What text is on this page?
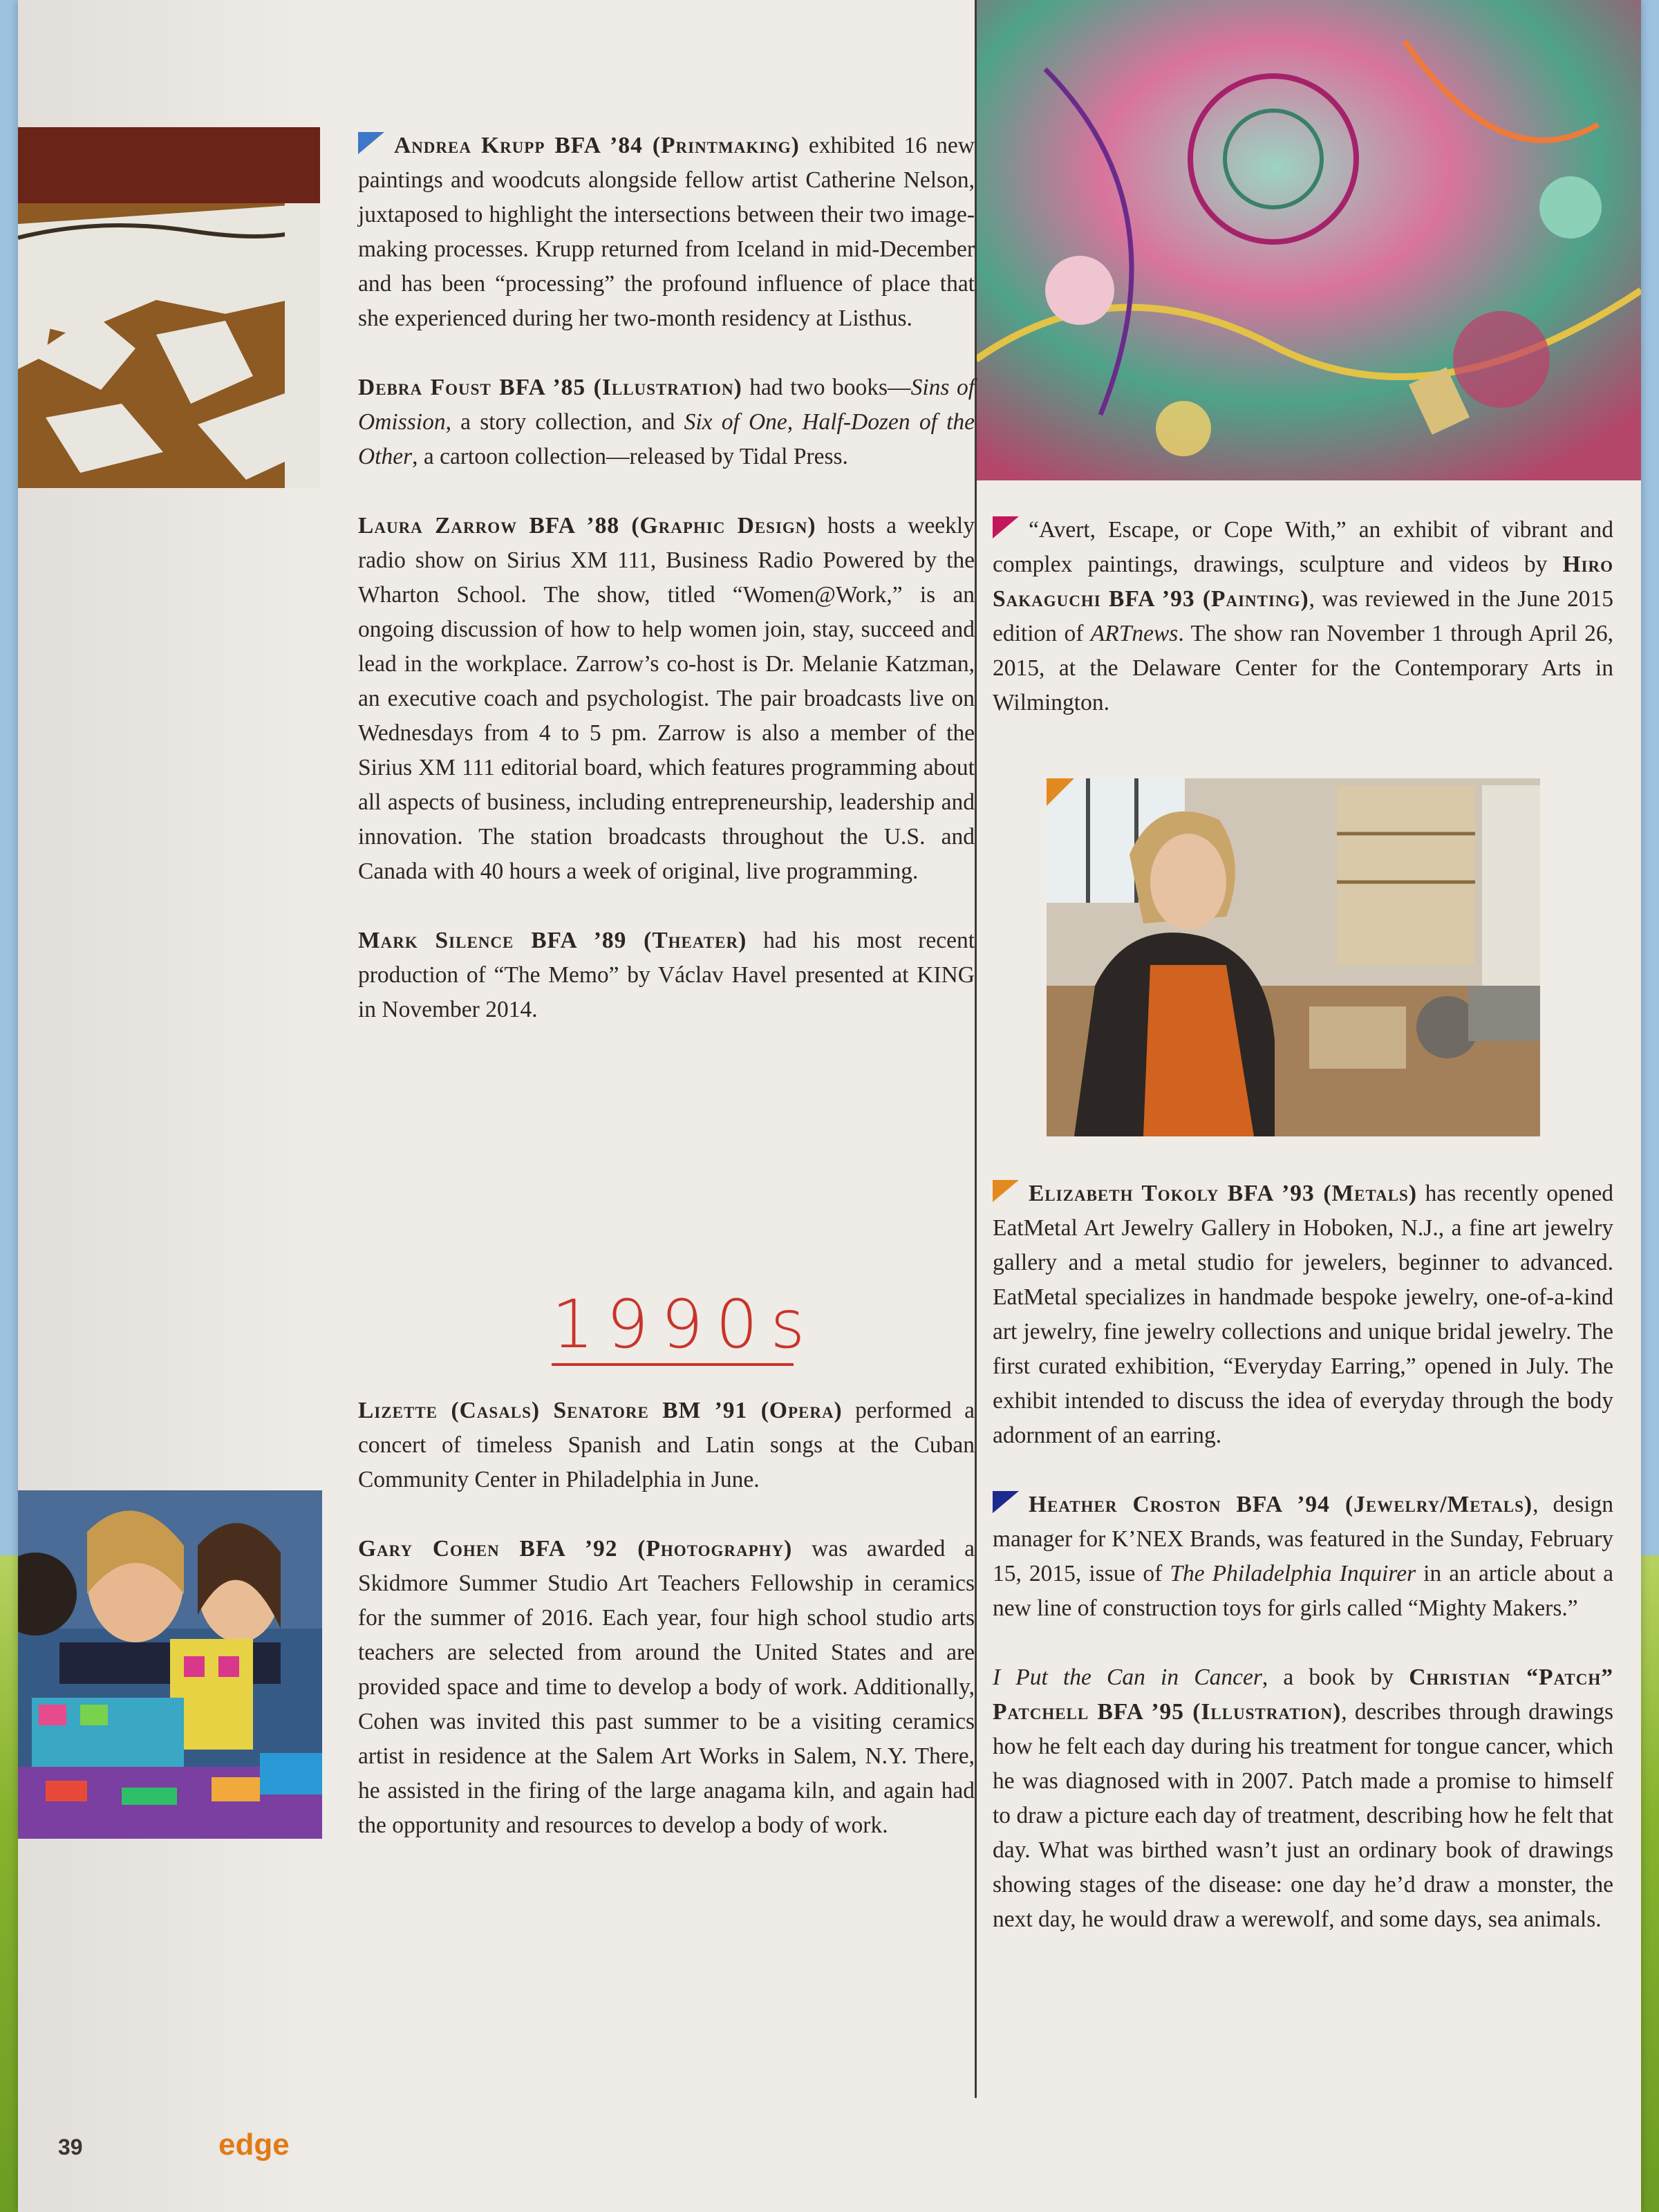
Andrea Krupp BFA ’84 (Printmaking) exhibited 16 new paintings and woodcuts alongside fellow artist Catherine Nelson, juxtaposed to highlight the intersections between their two image-making processes. Krupp returned from Iceland in mid-December and has been “processing” the profound influence of place that she experienced during her two-month residency at Listhus.

Debra Foust BFA ’85 (Illustration) had two books—Sins of Omission, a story collection, and Six of One, Half-Dozen of the Other, a cartoon collection—released by Tidal Press.

Laura Zarrow BFA ’88 (Graphic Design) hosts a weekly radio show on Sirius XM 111, Business Radio Powered by the Wharton School. The show, titled “Women@Work,” is an ongoing discussion of how to help women join, stay, succeed and lead in the workplace. Zarrow’s co-host is Dr. Melanie Katzman, an executive coach and psychologist. The pair broadcasts live on Wednesdays from 4 to 5 pm. Zarrow is also a member of the Sirius XM 111 editorial board, which features programming about all aspects of business, including entrepreneurship, leadership and innovation. The station broadcasts throughout the U.S. and Canada with 40 hours a week of original, live programming.

Mark Silence BFA ’89 (Theater) had his most recent production of “The Memo” by Václav Havel presented at KING in November 2014.

1990s

Lizette (Casals) Senatore BM ’91 (Opera) performed a concert of timeless Spanish and Latin songs at the Cuban Community Center in Philadelphia in June.

Gary Cohen BFA ’92 (Photography) was awarded a Skidmore Summer Studio Art Teachers Fellowship in ceramics for the summer of 2016. Each year, four high school studio arts teachers are selected from around the United States and are provided space and time to develop a body of work. Additionally, Cohen was invited this past summer to be a visiting ceramics artist in residence at the Salem Art Works in Salem, N.Y. There, he assisted in the firing of the large anagama kiln, and again had the opportunity and resources to develop a body of work.

“Avert, Escape, or Cope With,” an exhibit of vibrant and complex paintings, drawings, sculpture and videos by Hiro Sakaguchi BFA ’93 (Painting), was reviewed in the June 2015 edition of ARTnews. The show ran November 1 through April 26, 2015, at the Delaware Center for the Contemporary Arts in Wilmington.

Elizabeth Tokoly BFA ’93 (Metals) has recently opened EatMetal Art Jewelry Gallery in Hoboken, N.J., a fine art jewelry gallery and a metal studio for jewelers, beginner to advanced. EatMetal specializes in handmade bespoke jewelry, one-of-a-kind art jewelry, fine jewelry collections and unique bridal jewelry. The first curated exhibition, “Everyday Earring,” opened in July. The exhibit intended to discuss the idea of everyday through the body adornment of an earring.

Heather Croston BFA ’94 (Jewelry/Metals), design manager for K’NEX Brands, was featured in the Sunday, February 15, 2015, issue of The Philadelphia Inquirer in an article about a new line of construction toys for girls called “Mighty Makers.”

I Put the Can in Cancer, a book by Christian “Patch” Patchell BFA ’95 (Illustration), describes through drawings how he felt each day during his treatment for tongue cancer, which he was diagnosed with in 2007. Patch made a promise to himself to draw a picture each day of treatment, describing how he felt that day. What was birthed wasn’t just an ordinary book of drawings showing stages of the disease: one day he’d draw a monster, the next day, he would draw a werewolf, and some days, sea animals.

39	edge
